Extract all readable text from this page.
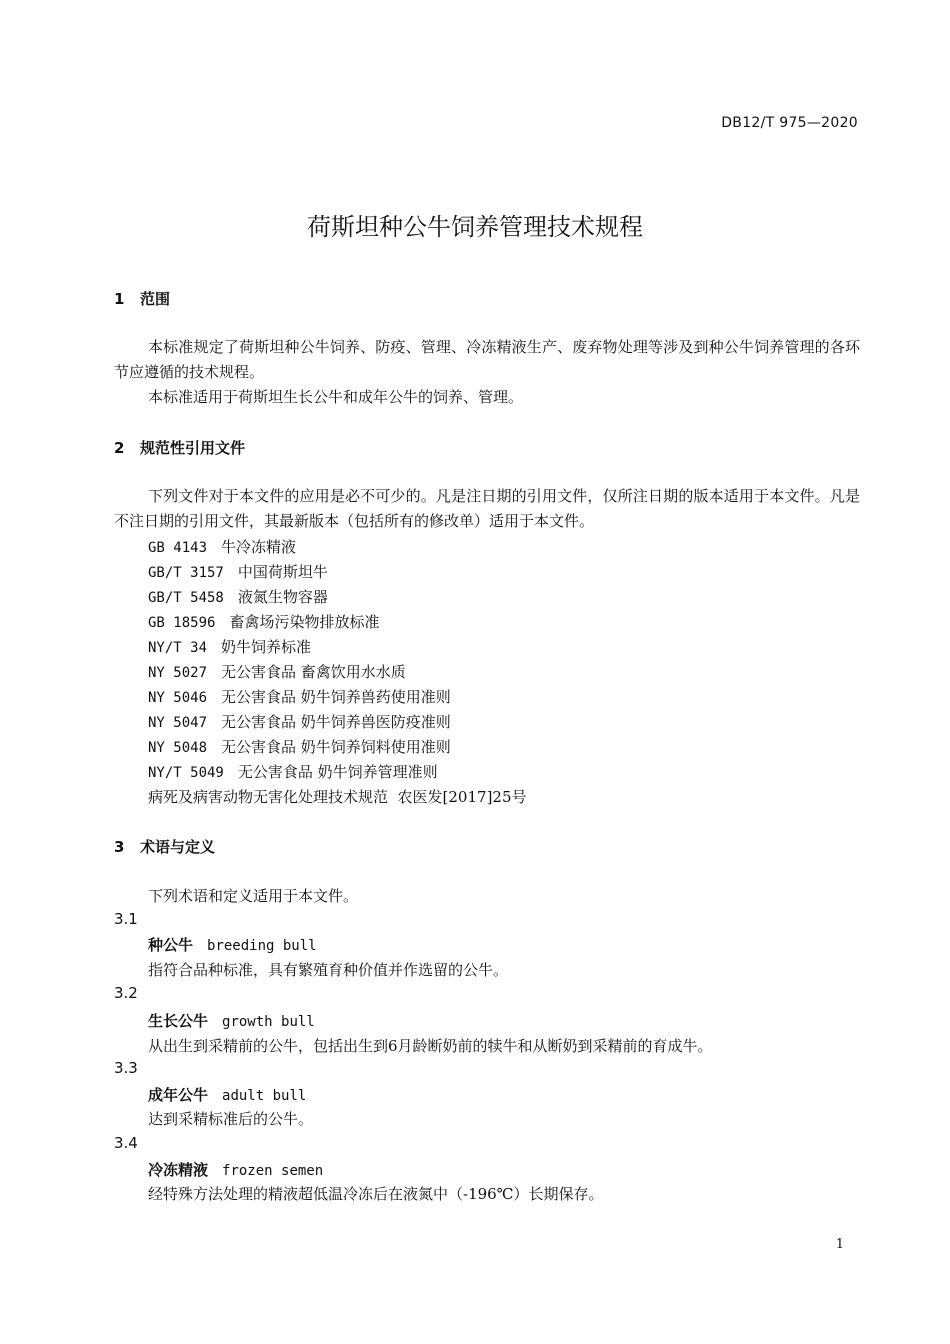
DB12/T 975—2020
荷斯坦种公牛饲养管理技术规程
1 范围
本标准规定了荷斯坦种公牛饲养、防疫、管理、冷冻精液生产、废弃物处理等涉及到种公牛饲养管理的各环节应遵循的技术规程。
本标准适用于荷斯坦生长公牛和成年公牛的饲养、管理。
2 规范性引用文件
下列文件对于本文件的应用是必不可少的。凡是注日期的引用文件，仅所注日期的版本适用于本文件。凡是不注日期的引用文件，其最新版本（包括所有的修改单）适用于本文件。
GB 4143 牛冷冻精液
GB/T 3157 中国荷斯坦牛
GB/T 5458 液氮生物容器
GB 18596 畜禽场污染物排放标准
NY/T 34 奶牛饲养标准
NY 5027 无公害食品 畜禽饮用水水质
NY 5046 无公害食品 奶牛饲养兽药使用准则
NY 5047 无公害食品 奶牛饲养兽医防疫准则
NY 5048 无公害食品 奶牛饲养饲料使用准则
NY/T 5049 无公害食品 奶牛饲养管理准则
病死及病害动物无害化处理技术规范  农医发[2017]25号
3 术语与定义
下列术语和定义适用于本文件。
3.1
种公牛 breeding bull
指符合品种标准，具有繁殖育种价值并作选留的公牛。
3.2
生长公牛 growth bull
从出生到采精前的公牛，包括出生到6月龄断奶前的犊牛和从断奶到采精前的育成牛。
3.3
成年公牛 adult bull
达到采精标准后的公牛。
3.4
冷冻精液 frozen semen
经特殊方法处理的精液超低温冷冻后在液氮中（-196℃）长期保存。
1
